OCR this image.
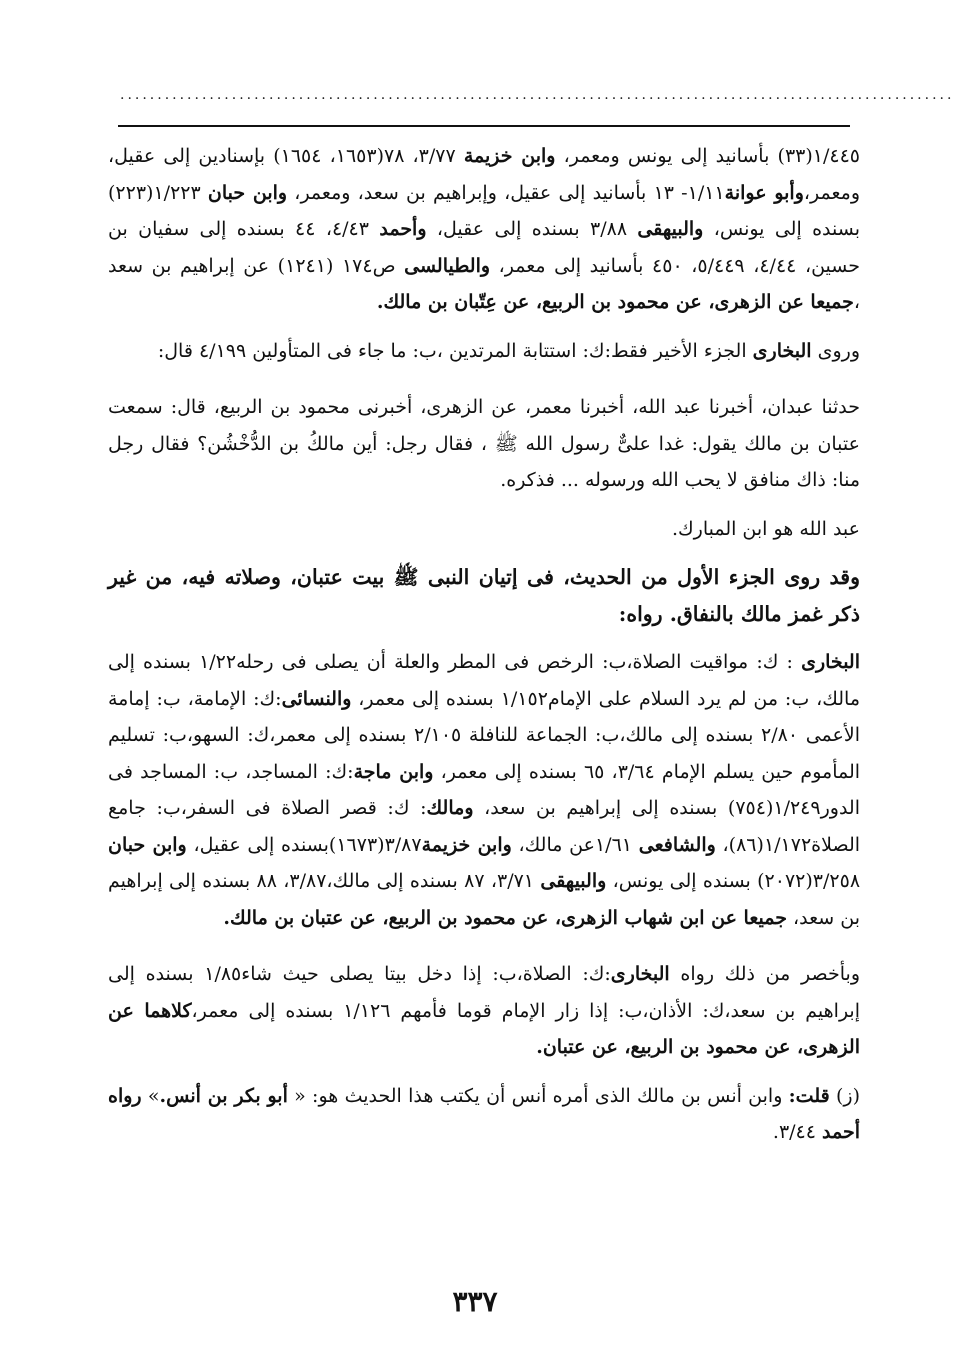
................................................................................................................

١/٤٤٥(٣٣) بأسانيد إلى يونس ومعمر، وابن خزيمة ٣/٧٧، ٧٨(١٦٥٣، ١٦٥٤) بإسنادين إلى عقيل، ومعمر،وأبو عوانة١/١١- ١٣ بأسانيد إلى عقيل، وإبراهيم بن سعد، ومعمر، وابن حبان ١/٢٢٣(٢٢٣) بسنده إلى يونس، والبيهقى ٣/٨٨ بسنده إلى عقيل، وأحمد ٤/٤٣، ٤٤ بسنده إلى سفيان بن حسين، ٤/٤٤، ٥/٤٤٩، ٤٥٠ بأسانيد إلى معمر، والطيالسى ص١٧٤ (١٢٤١) عن إبراهيم بن سعد ،جميعا عن الزهرى، عن محمود بن الربيع، عن عِتّبان بن مالك.

وروى البخارى الجزء الأخير فقط:ك: استتابة المرتدين ،ب: ما جاء فى المتأولين ٤/١٩٩ قال:

حدثنا عبدان، أخبرنا عبد الله، أخبرنا معمر، عن الزهرى، أخبرنى محمود بن الربيع، قال: سمعت عتبان بن مالك يقول: غدا علىٌّ رسول الله ﷺ ، فقال رجل: أين مالكُ بن الدُّخْشُن؟ فقال رجل منا: ذاك منافق لا يحب الله ورسوله ... فذكره.

عبد الله هو ابن المبارك.

وقد روى الجزء الأول من الحديث، فى إتيان النبى ﷺ بيت عتبان، وصلاته فيه، من غير ذكر غمز مالك بالنفاق. رواه:

البخارى : ك: مواقيت الصلاة،ب: الرخص فى المطر والعلة أن يصلى فى رحله١/٢٢ بسنده إلى مالك، ب: من لم يرد السلام على الإمام١/١٥٢ بسنده إلى معمر، والنسائى:ك: الإمامة، ب: إمامة الأعمى ٢/٨٠ بسنده إلى مالك،ب: الجماعة للنافلة ٢/١٠٥ بسنده إلى معمر،ك: السهو،ب: تسليم المأموم حين يسلم الإمام ٣/٦٤، ٦٥ بسنده إلى معمر، وابن ماجة:ك: المساجد، ب: المساجد فى الدور١/٢٤٩(٧٥٤) بسنده إلى إبراهيم بن سعد، ومالك: ك: قصر الصلاة فى السفر،ب: جامع الصلاة١/١٧٢(٨٦)، والشافعى ١/٦١عن مالك، وابن خزيمة٣/٨٧(١٦٧٣)بسنده إلى عقيل، وابن حبان ٣/٢٥٨(٢٠٧٢) بسنده إلى يونس، والبيهقى ٣/٧١، ٨٧ بسنده إلى مالك،٣/٨٧، ٨٨ بسنده إلى إبراهيم بن سعد، جميعا عن ابن شهاب الزهرى، عن محمود بن الربيع، عن عتبان بن مالك.

وبأخصر من ذلك رواه البخارى:ك: الصلاة،ب: إذا دخل بيتا يصلى حيث شاء١/٨٥ بسنده إلى إبراهيم بن سعد،ك: الأذان،ب: إذا زار الإمام قوما فأمهم ١/١٢٦ بسنده إلى معمر،كلاهما عن الزهرى، عن محمود بن الربيع، عن عتبان.

(ز) قلت: وابن أنس بن مالك الذى أمره أنس أن يكتب هذا الحديث هو: « أبو بكر بن أنس.» رواه أحمد ٣/٤٤.

٣٣٧
